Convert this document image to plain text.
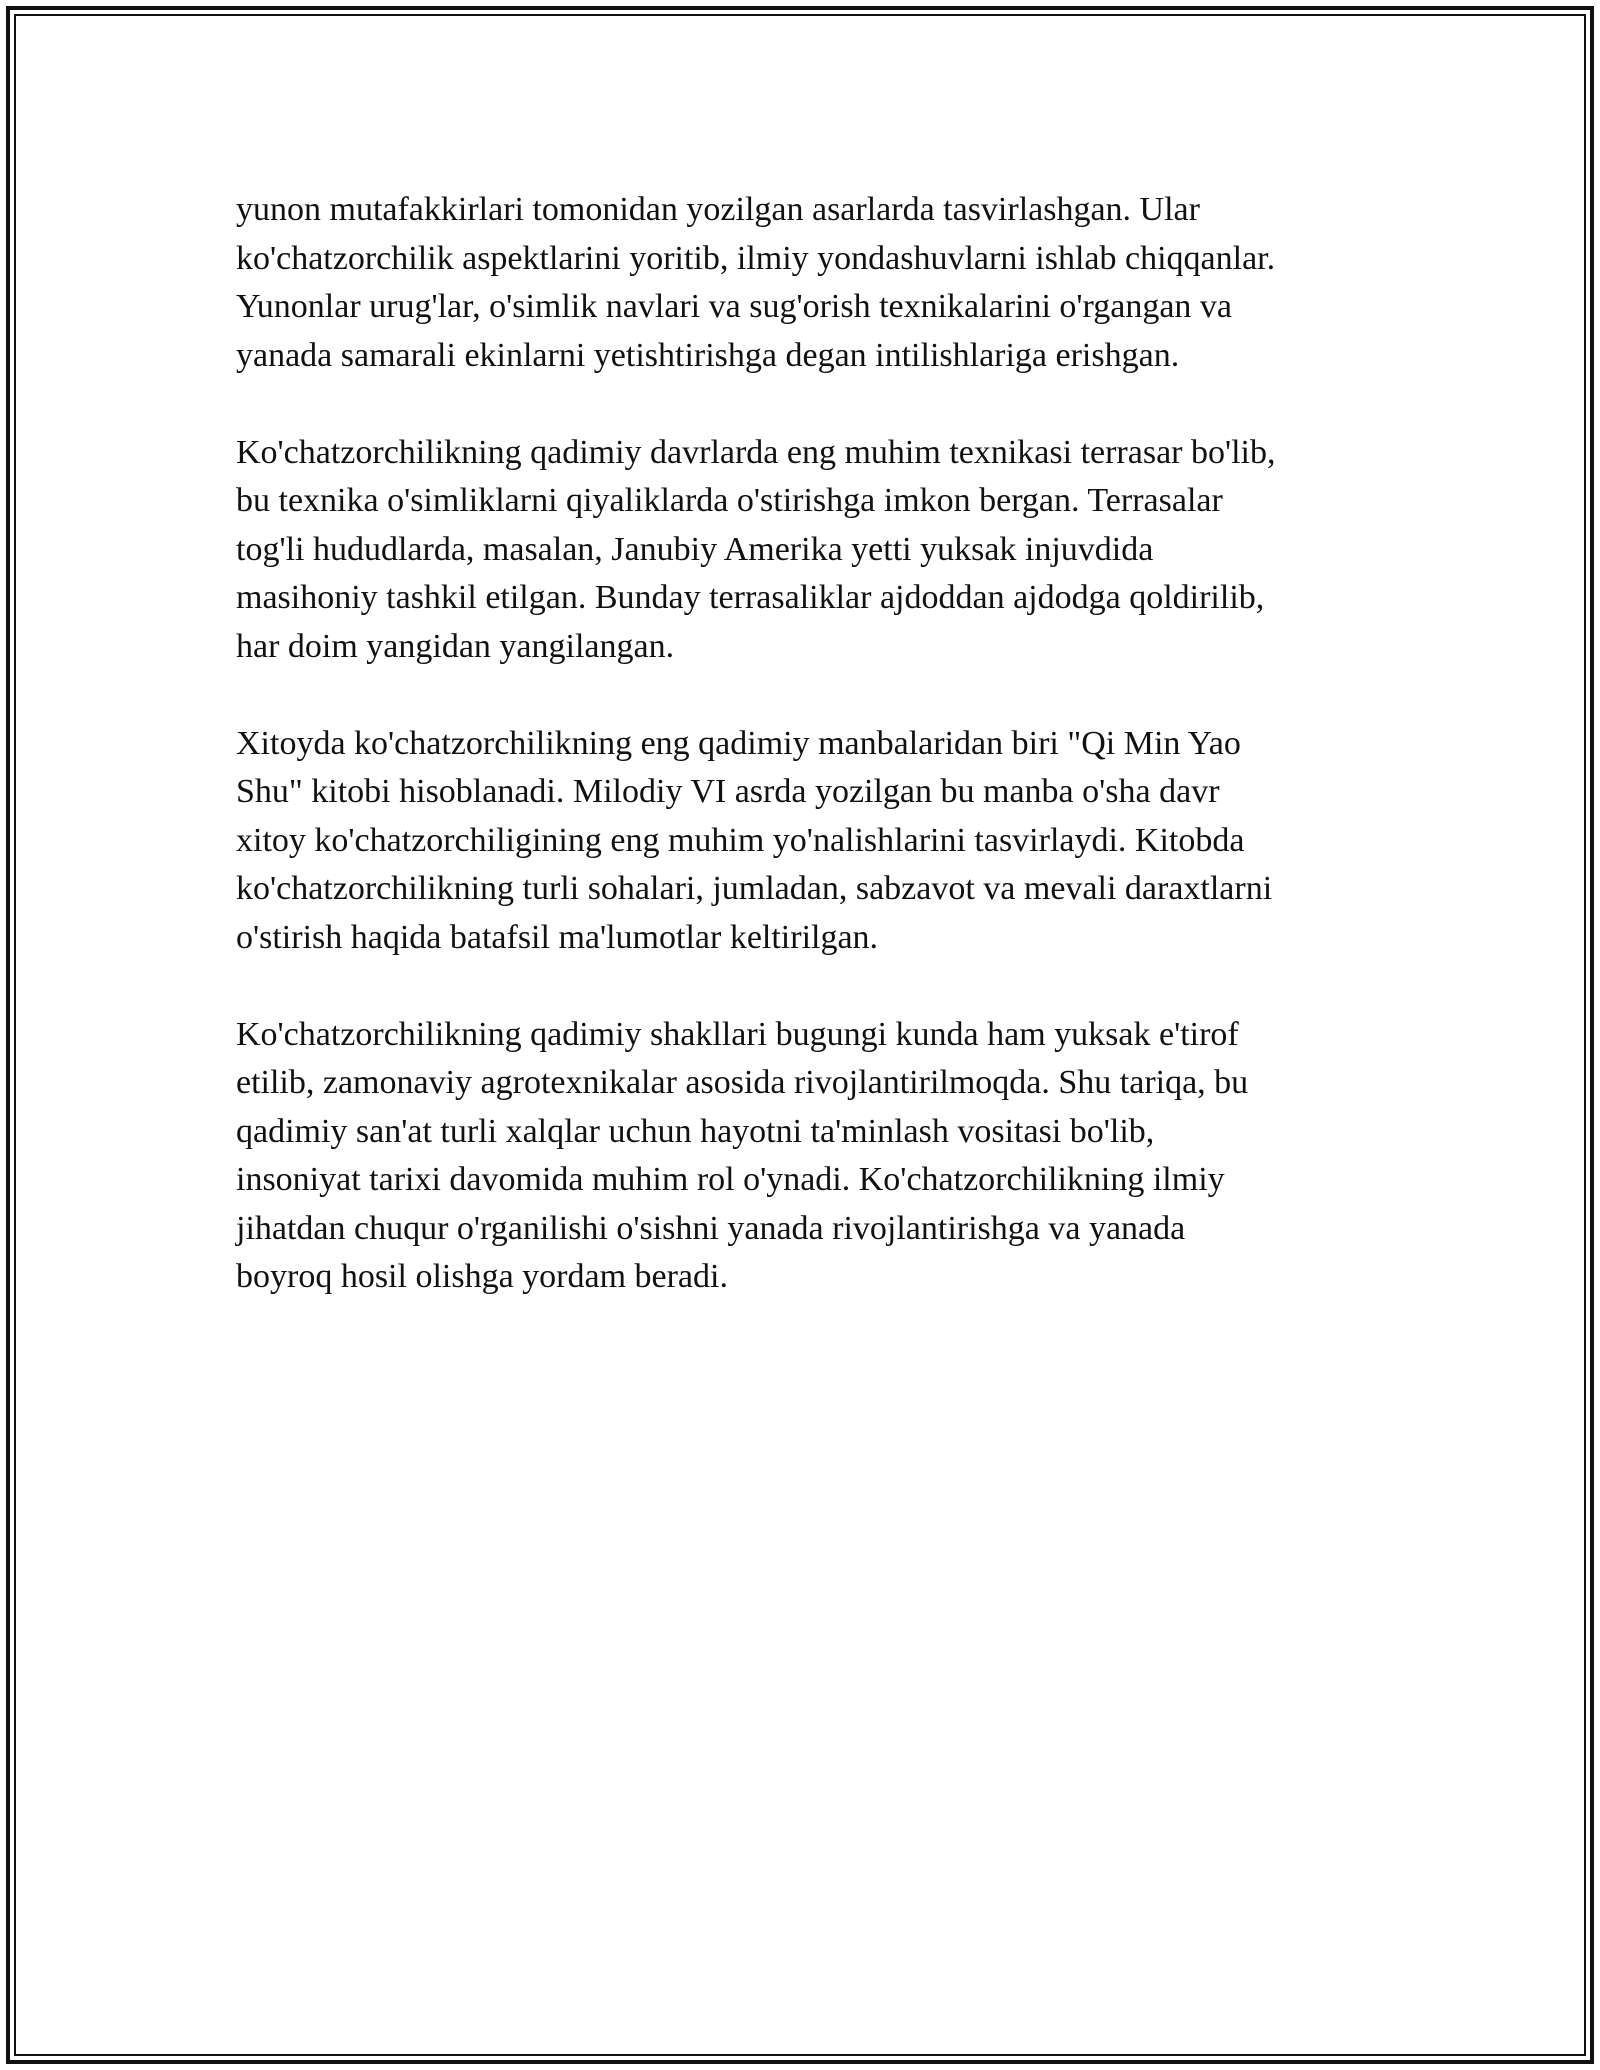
yunon mutafakkirlari tomonidan yozilgan asarlarda tasvirlashgan. Ular
ko'chatzorchilik aspektlarini yoritib, ilmiy yondashuvlarni ishlab chiqqanlar.
Yunonlar urug'lar, o'simlik navlari va sug'orish texnikalarini o'rgangan va
yanada samarali ekinlarni yetishtirishga degan intilishlariga erishgan.

Ko'chatzorchilikning qadimiy davrlarda eng muhim texnikasi terrasar bo'lib,
bu texnika o'simliklarni qiyaliklarda o'stirishga imkon bergan. Terrasalar
tog'li hududlarda, masalan, Janubiy Amerika yetti yuksak injuvdida
masihoniy tashkil etilgan. Bunday terrasaliklar ajdoddan ajdodga qoldirilib,
har doim yangidan yangilangan.

Xitoyda ko'chatzorchilikning eng qadimiy manbalaridan biri "Qi Min Yao
Shu" kitobi hisoblanadi. Milodiy VI asrda yozilgan bu manba o'sha davr
xitoy ko'chatzorchiligining eng muhim yo'nalishlarini tasvirlaydi. Kitobda
ko'chatzorchilikning turli sohalari, jumladan, sabzavot va mevali daraxtlarni
o'stirish haqida batafsil ma'lumotlar keltirilgan.

Ko'chatzorchilikning qadimiy shakllari bugungi kunda ham yuksak e'tirof
etilib, zamonaviy agrotexnikalar asosida rivojlantirilmoqda. Shu tariqa, bu
qadimiy san'at turli xalqlar uchun hayotni ta'minlash vositasi bo'lib,
insoniyat tarixi davomida muhim rol o'ynadi. Ko'chatzorchilikning ilmiy
jihatdan chuqur o'rganilishi o'sishni yanada rivojlantirishga va yanada
boyroq hosil olishga yordam beradi.
